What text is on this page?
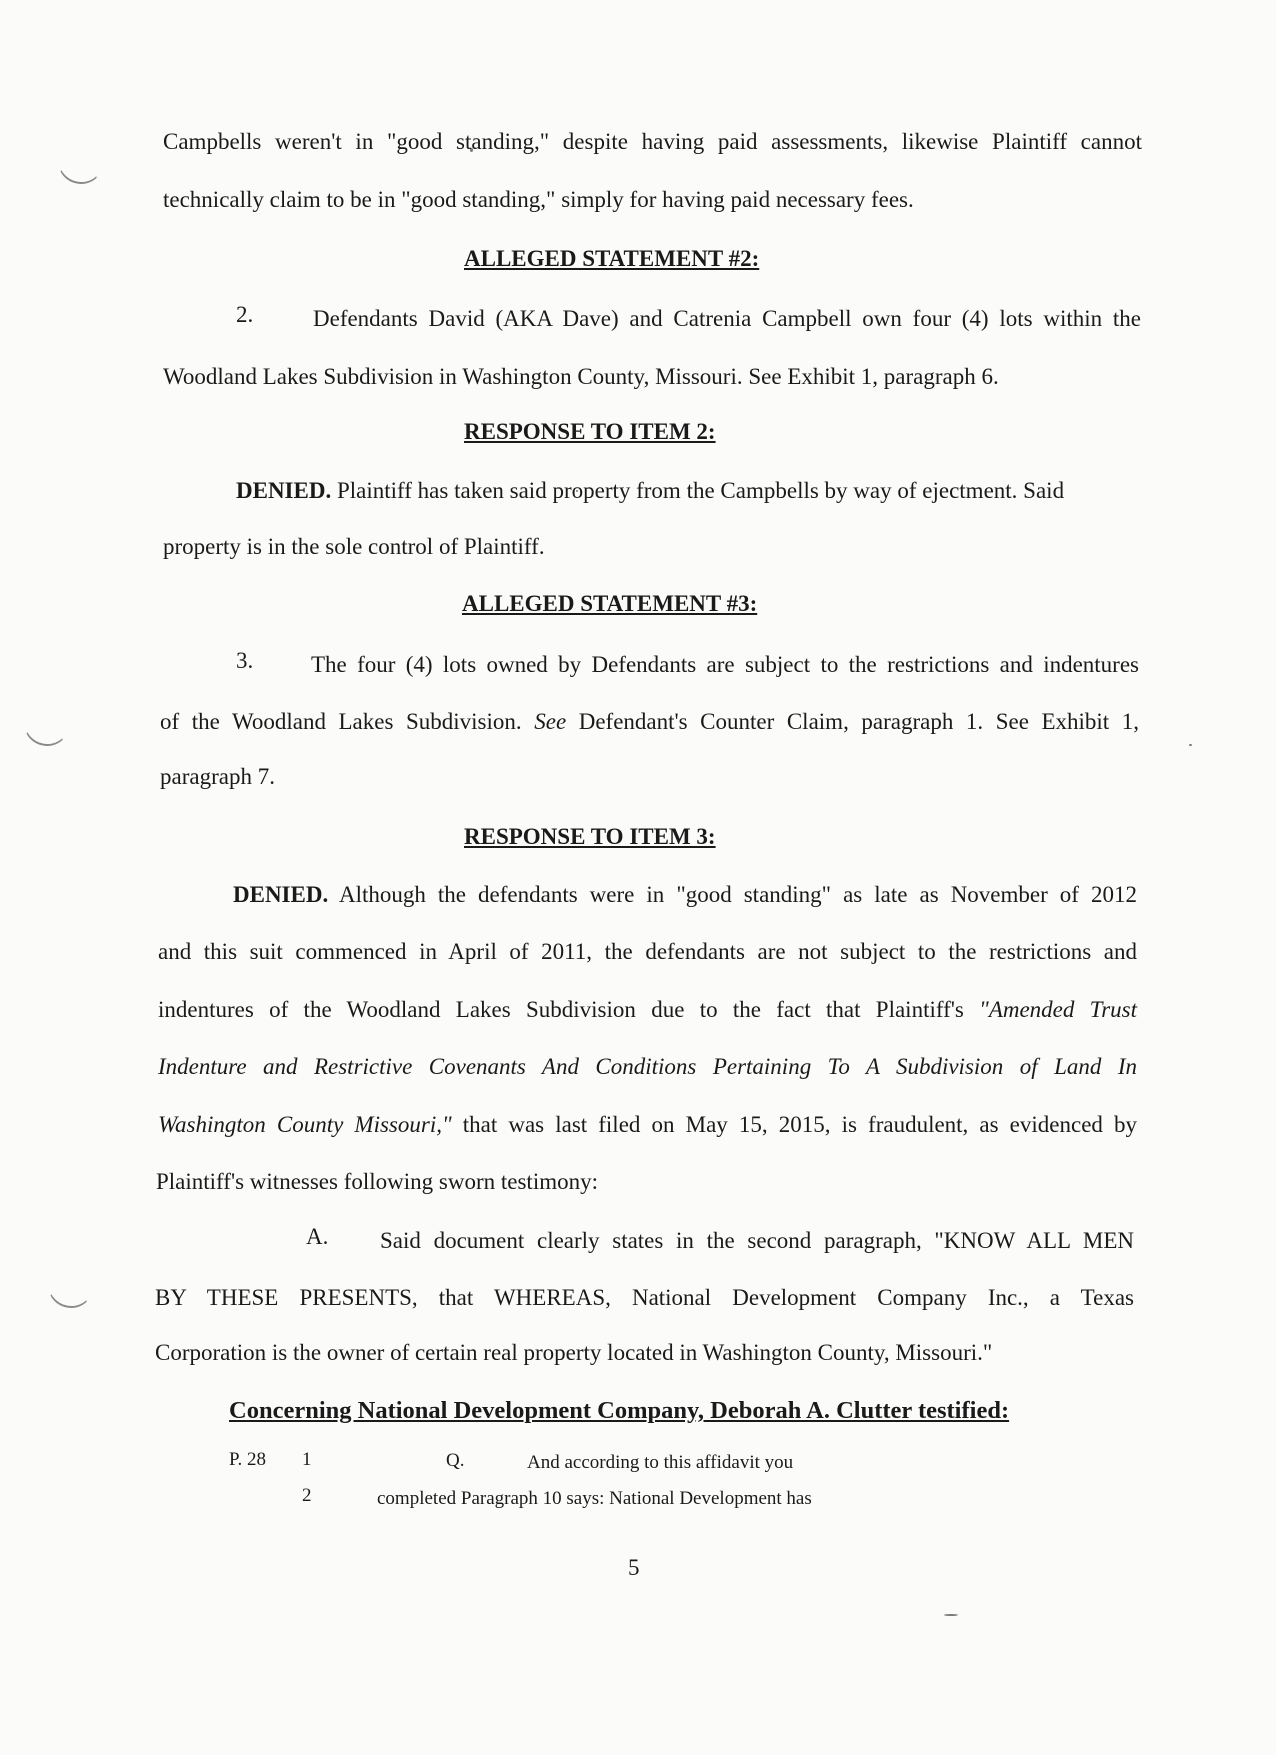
Campbells weren't in "good standing," despite having paid assessments, likewise Plaintiff cannot
technically claim to be in "good standing," simply for having paid necessary fees.
ALLEGED STATEMENT #2:
2.	Defendants David (AKA Dave) and Catrenia Campbell own four (4) lots within the
Woodland Lakes Subdivision in Washington County, Missouri. See Exhibit 1, paragraph 6.
RESPONSE TO ITEM 2:
DENIED. Plaintiff has taken said property from the Campbells by way of ejectment. Said
property is in the sole control of Plaintiff.
ALLEGED STATEMENT #3:
3.	The four (4) lots owned by Defendants are subject to the restrictions and indentures
of the Woodland Lakes Subdivision. See Defendant's Counter Claim, paragraph 1. See Exhibit 1,
paragraph 7.
RESPONSE TO ITEM 3:
DENIED. Although the defendants were in "good standing" as late as November of 2012
and this suit commenced in April of 2011, the defendants are not subject to the restrictions and
indentures of the Woodland Lakes Subdivision due to the fact that Plaintiff's "Amended Trust
Indenture and Restrictive Covenants And Conditions Pertaining To A Subdivision of Land In
Washington County Missouri," that was last filed on May 15, 2015, is fraudulent, as evidenced by
Plaintiff's witnesses following sworn testimony:
A. Said document clearly states in the second paragraph, "KNOW ALL MEN
BY THESE PRESENTS, that WHEREAS, National Development Company Inc., a Texas
Corporation is the owner of certain real property located in Washington County, Missouri."
Concerning National Development Company, Deborah A. Clutter testified:
P. 28 1	Q.	And according to this affidavit you
2	completed Paragraph 10 says: National Development has
5
